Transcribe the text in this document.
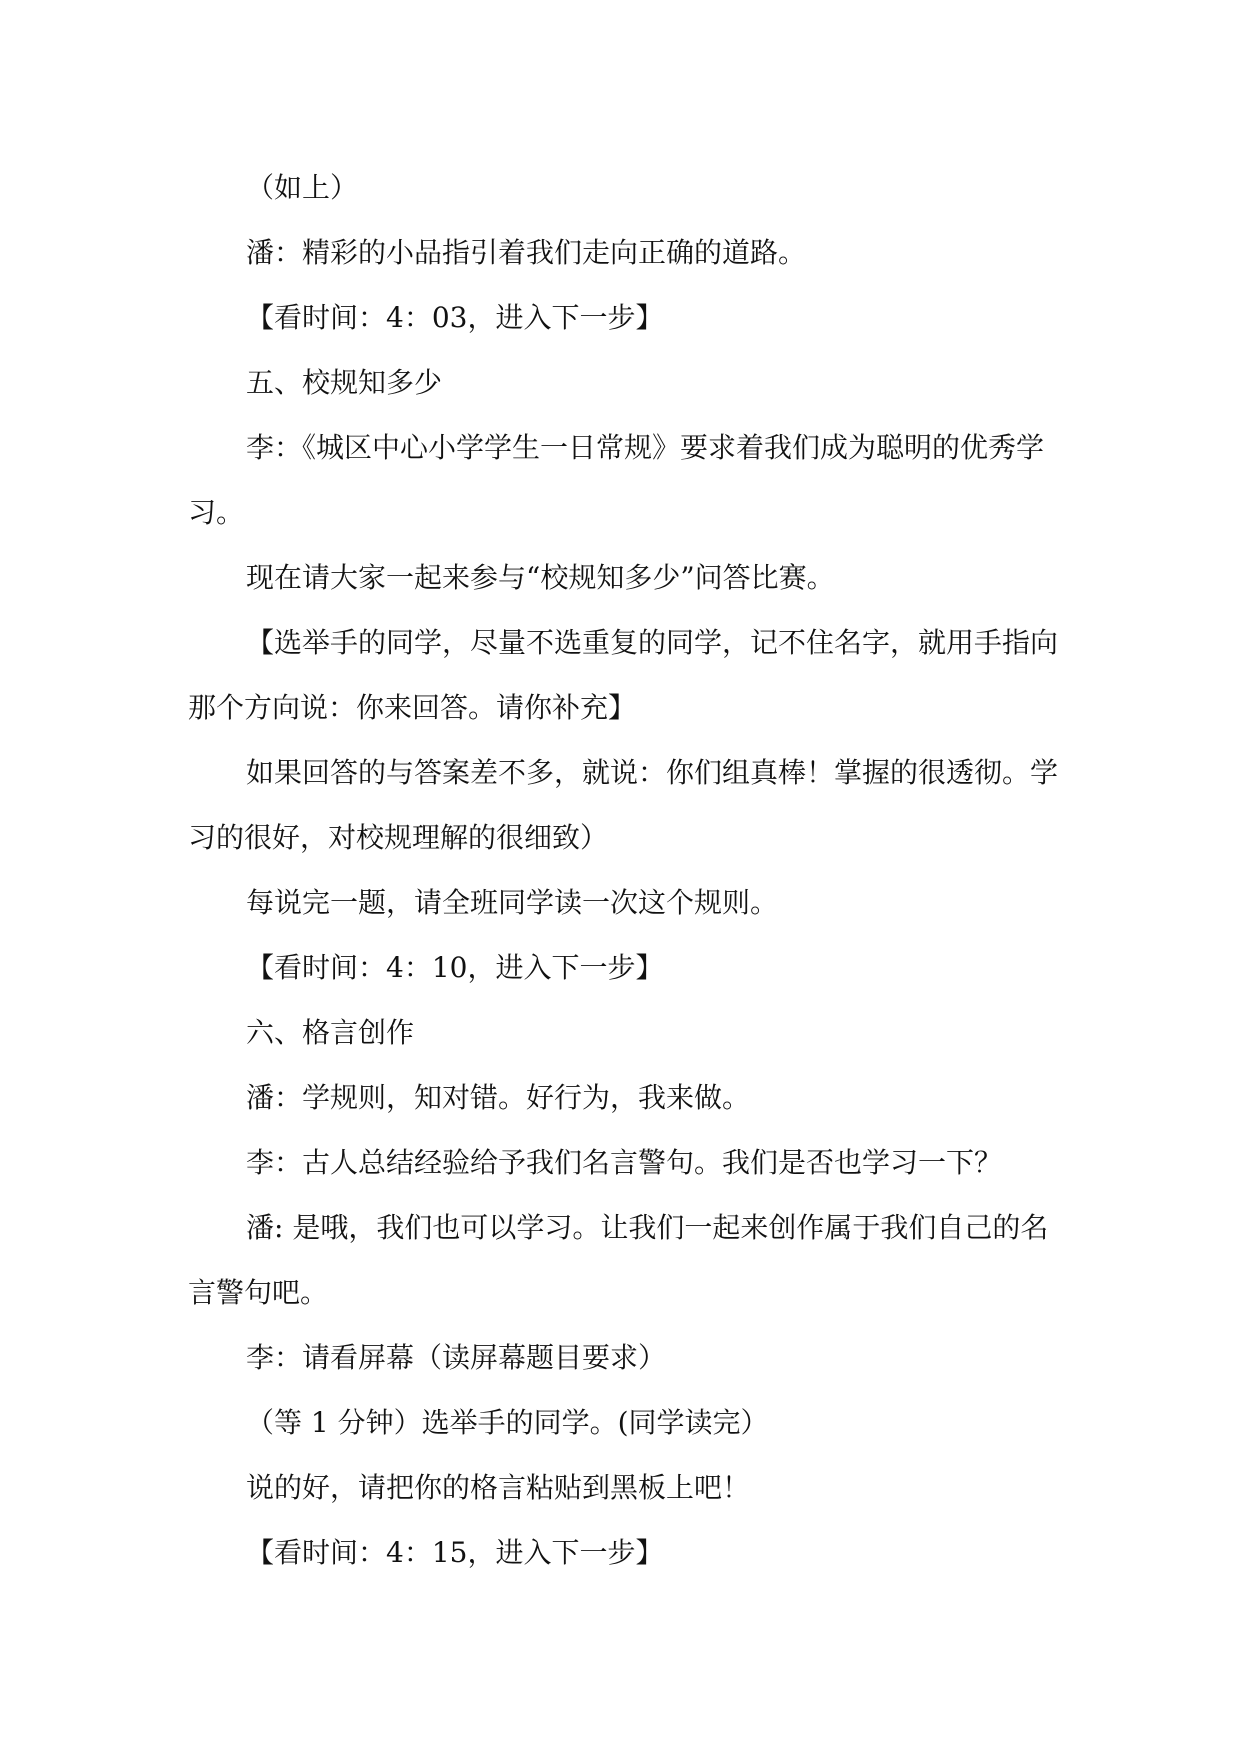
（如上）

潘：精彩的小品指引着我们走向正确的道路。

【看时间：4：03，进入下一步】

五、校规知多少

李：《城区中心小学学生一日常规》要求着我们成为聪明的优秀学习。

现在请大家一起来参与“校规知多少”问答比赛。

【选举手的同学，尽量不选重复的同学，记不住名字，就用手指向那个方向说：你来回答。请你补充】

如果回答的与答案差不多，就说：你们组真棒！掌握的很透彻。学习的很好，对校规理解的很细致）

每说完一题，请全班同学读一次这个规则。

【看时间：4：10，进入下一步】

六、格言创作

潘：学规则，知对错。好行为，我来做。

李：古人总结经验给予我们名言警句。我们是否也学习一下？

潘: 是哦，我们也可以学习。让我们一起来创作属于我们自己的名言警句吧。

李：请看屏幕（读屏幕题目要求）

（等 1 分钟）选举手的同学。(同学读完）

说的好，请把你的格言粘贴到黑板上吧！

【看时间：4：15，进入下一步】
